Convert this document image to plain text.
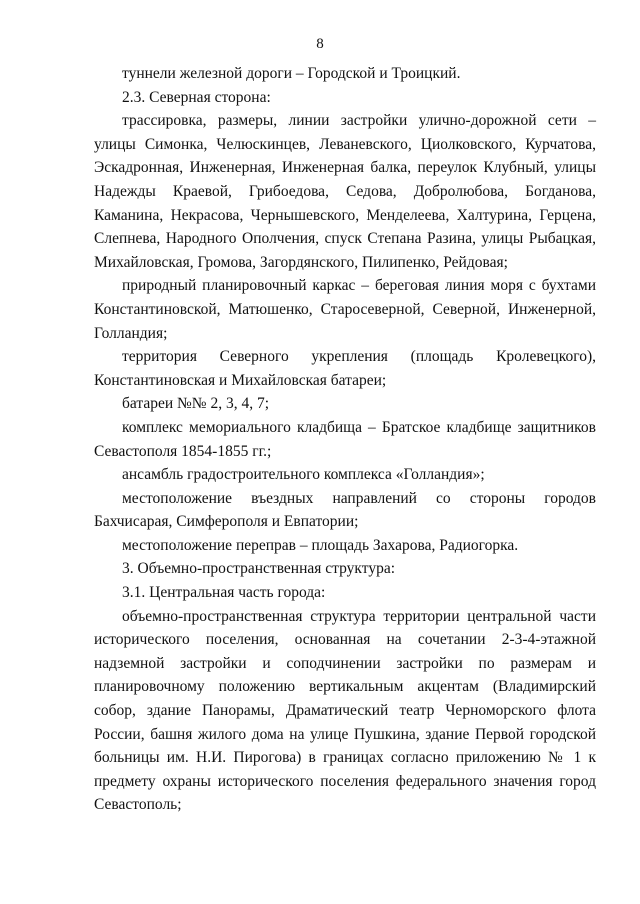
8

туннели железной дороги – Городской и Троицкий.

2.3. Северная сторона:

трассировка, размеры, линии застройки улично-дорожной сети – улицы Симонка, Челюскинцев, Леваневского, Циолковского, Курчатова, Эскадронная, Инженерная, Инженерная балка, переулок Клубный, улицы Надежды Краевой, Грибоедова, Седова, Добролюбова, Богданова, Каманина, Некрасова, Чернышевского, Менделеева, Халтурина, Герцена, Слепнева, Народного Ополчения, спуск Степана Разина, улицы Рыбацкая, Михайловская, Громова, Загордянского, Пилипенко, Рейдовая;

природный планировочный каркас – береговая линия моря с бухтами Константиновской, Матюшенко, Старосеверной, Северной, Инженерной, Голландия;

территория Северного укрепления (площадь Кролевецкого), Константиновская и Михайловская батареи;

батареи №№ 2, 3, 4, 7;

комплекс мемориального кладбища – Братское кладбище защитников Севастополя 1854-1855 гг.;

ансамбль градостроительного комплекса «Голландия»;

местоположение въездных направлений со стороны городов Бахчисарая, Симферополя и Евпатории;

местоположение переправ – площадь Захарова, Радиогорка.

3. Объемно-пространственная структура:

3.1. Центральная часть города:

объемно-пространственная структура территории центральной части исторического поселения, основанная на сочетании 2-3-4-этажной надземной застройки и соподчинении застройки по размерам и планировочному положению вертикальным акцентам (Владимирский собор, здание Панорамы, Драматический театр Черноморского флота России, башня жилого дома на улице Пушкина, здание Первой городской больницы им. Н.И. Пирогова) в границах согласно приложению № 1 к предмету охраны исторического поселения федерального значения город Севастополь;
